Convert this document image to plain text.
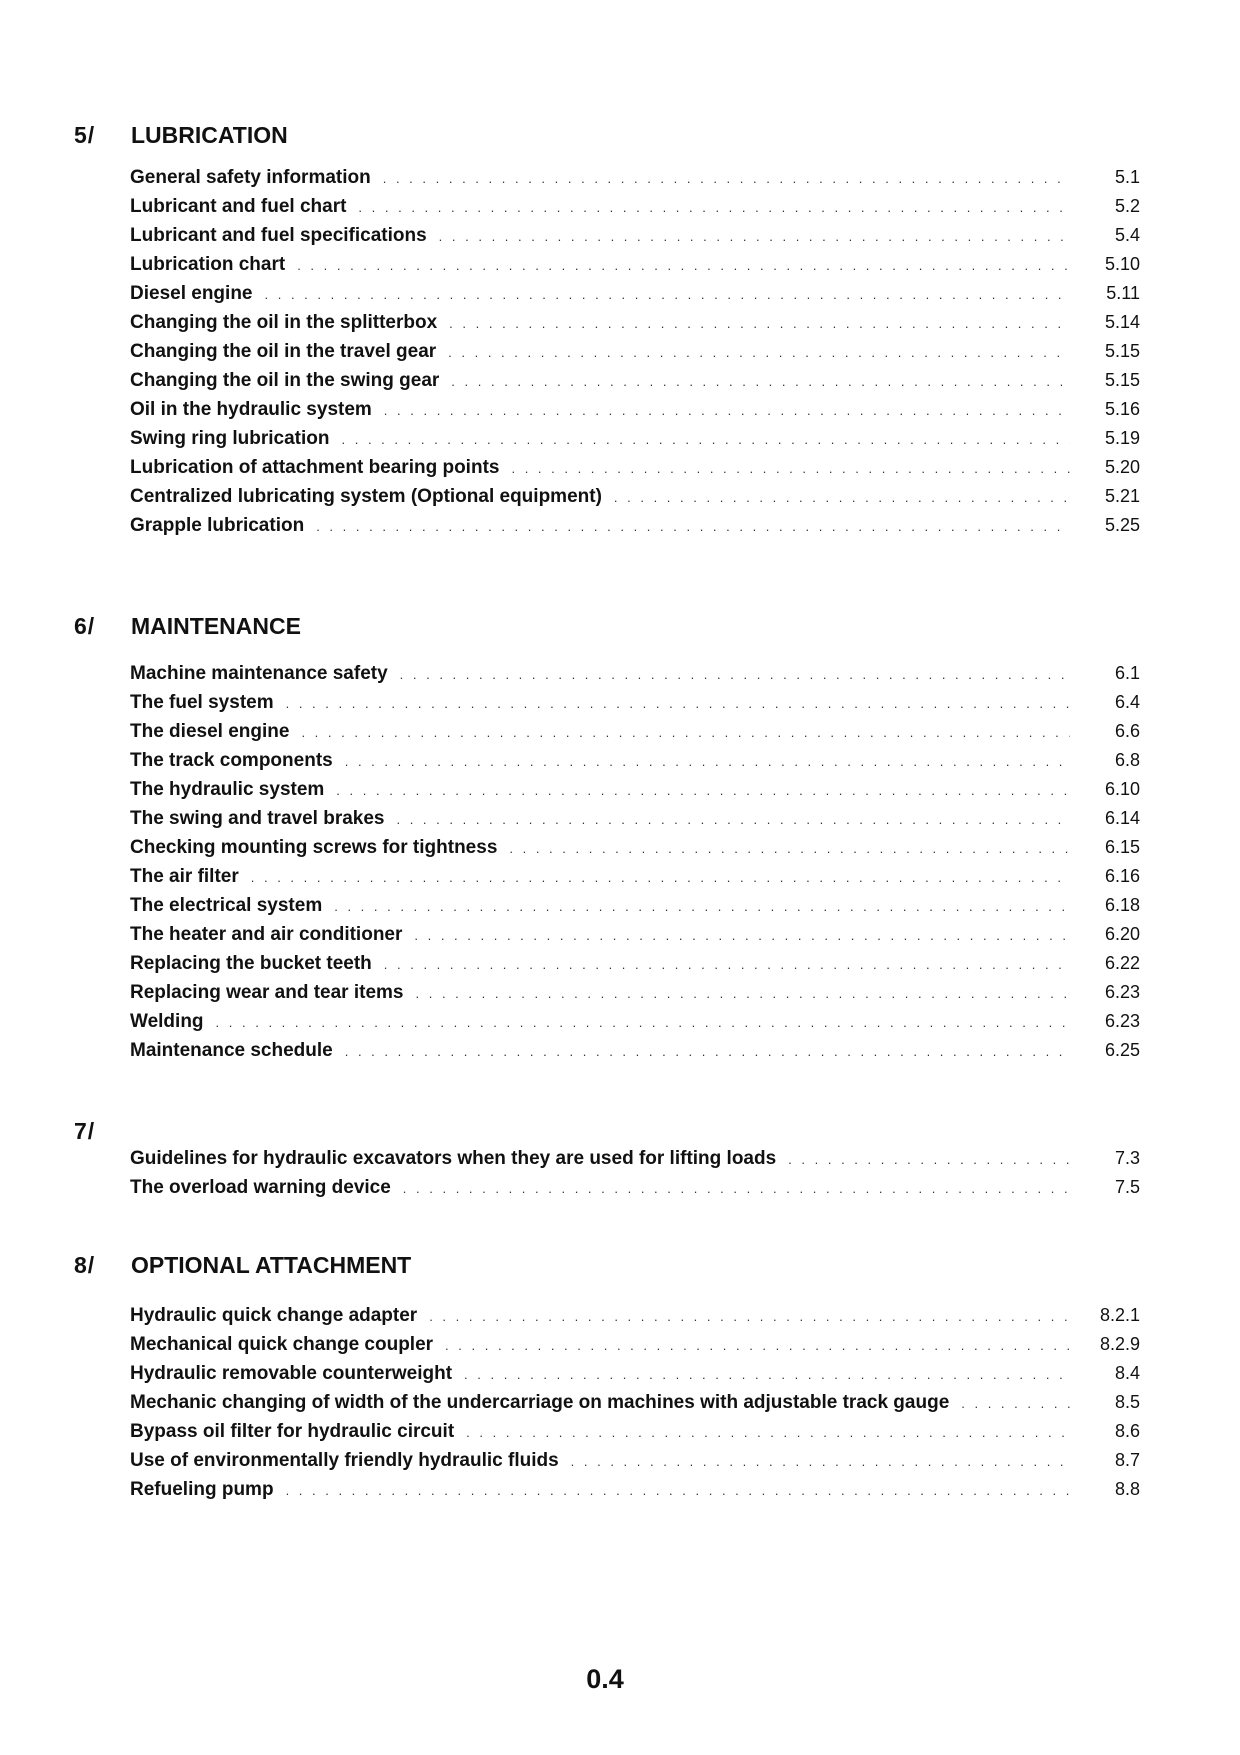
5/ LUBRICATION
General safety information . . .	5.1
Lubricant and fuel chart . . .	5.2
Lubricant and fuel specifications . . .	5.4
Lubrication chart . . .	5.10
Diesel engine . . .	5.11
Changing the oil in the splitterbox . . .	5.14
Changing the oil in the travel gear . . .	5.15
Changing the oil in the swing gear . . .	5.15
Oil in the hydraulic system . . .	5.16
Swing ring lubrication . . .	5.19
Lubrication of attachment bearing points . . .	5.20
Centralized lubricating system (Optional equipment) . . .	5.21
Grapple lubrication . . .	5.25
6/ MAINTENANCE
Machine maintenance safety . . .	6.1
The fuel system . . .	6.4
The diesel engine . . .	6.6
The track components . . .	6.8
The hydraulic system . . .	6.10
The swing and travel brakes . . .	6.14
Checking mounting screws for tightness . . .	6.15
The air filter . . .	6.16
The electrical system . . .	6.18
The heater and air conditioner . . .	6.20
Replacing the bucket teeth . . .	6.22
Replacing wear and tear items . . .	6.23
Welding . . .	6.23
Maintenance schedule . . .	6.25
7/
Guidelines for hydraulic excavators when they are used for lifting loads . . .	7.3
The overload warning device . . .	7.5
8/ OPTIONAL ATTACHMENT
Hydraulic quick change adapter . . .	8.2.1
Mechanical quick change coupler . . .	8.2.9
Hydraulic removable counterweight . . .	8.4
Mechanic changing of width of the undercarriage on machines with adjustable track gauge . . .	8.5
Bypass oil filter for hydraulic circuit . . .	8.6
Use of environmentally friendly hydraulic fluids . . .	8.7
Refueling pump . . .	8.8
0.4
